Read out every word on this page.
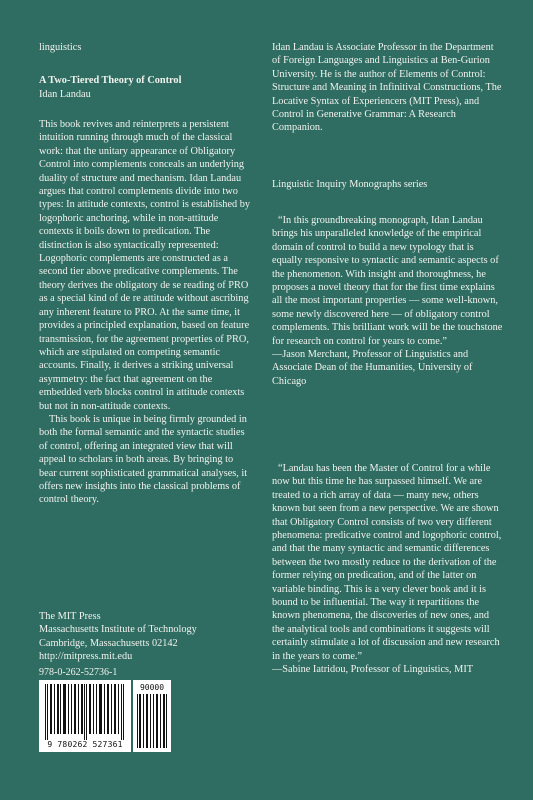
linguistics
A Two-Tiered Theory of Control
Idan Landau

This book revives and reinterprets a persistent intuition running through much of the classical work: that the unitary appearance of Obligatory Control into complements conceals an underlying duality of structure and mechanism. Idan Landau argues that control complements divide into two types: In attitude contexts, control is established by logophoric anchoring, while in non-attitude contexts it boils down to predication. The distinction is also syntactically represented: Logophoric complements are constructed as a second tier above predicative complements. The theory derives the obligatory de se reading of PRO as a special kind of de re attitude without ascribing any inherent feature to PRO. At the same time, it provides a principled explanation, based on feature transmission, for the agreement properties of PRO, which are stipulated on competing semantic accounts. Finally, it derives a striking universal asymmetry: the fact that agreement on the embedded verb blocks control in attitude contexts but not in non-attitude contexts.

This book is unique in being firmly grounded in both the formal semantic and the syntactic studies of control, offering an integrated view that will appeal to scholars in both areas. By bringing to bear current sophisticated grammatical analyses, it offers new insights into the classical problems of control theory.

The MIT Press
Massachusetts Institute of Technology
Cambridge, Massachusetts 02142
http://mitpress.mit.edu
978-0-262-52736-1
9 780262 527361
90000
Idan Landau is Associate Professor in the Department of Foreign Languages and Linguistics at Ben-Gurion University. He is the author of Elements of Control: Structure and Meaning in Infinitival Constructions, The Locative Syntax of Experiencers (MIT Press), and Control in Generative Grammar: A Research Companion.
Linguistic Inquiry Monographs series

“In this groundbreaking monograph, Idan Landau brings his unparalleled knowledge of the empirical domain of control to build a new typology that is equally responsive to syntactic and semantic aspects of the phenomenon. With insight and thoroughness, he proposes a novel theory that for the first time explains all the most important properties — some well-known, some newly discovered here — of obligatory control complements. This brilliant work will be the touchstone for research on control for years to come.”

—Jason Merchant, Professor of Linguistics and Associate Dean of the Humanities, University of Chicago

“Landau has been the Master of Control for a while now but this time he has surpassed himself. We are treated to a rich array of data — many new, others known but seen from a new perspective. We are shown that Obligatory Control consists of two very different phenomena: predicative control and logophoric control, and that the many syntactic and semantic differences between the two mostly reduce to the derivation of the former relying on predication, and of the latter on variable binding. This is a very clever book and it is bound to be influential. The way it repartitions the known phenomena, the discoveries of new ones, and the analytical tools and combinations it suggests will certainly stimulate a lot of discussion and new research in the years to come.”

—Sabine Iatridou, Professor of Linguistics, MIT
